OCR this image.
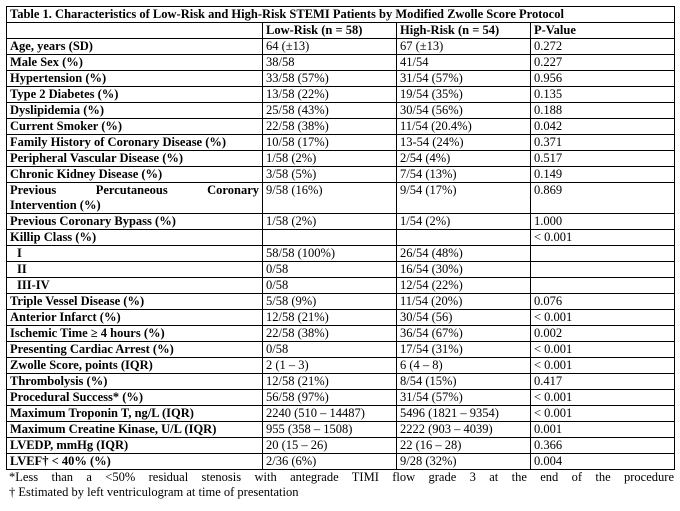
Table 1. Characteristics of Low-Risk and High-Risk STEMI Patients by Modified Zwolle Score Protocol			
	Low-Risk (n = 58)	High-Risk (n = 54)	P-Value
Age, years (SD)	64 (±13)	67 (±13)	0.272
Male Sex (%)	38/58	41/54	0.227
Hypertension (%)	33/58 (57%)	31/54 (57%)	0.956
Type 2 Diabetes (%)	13/58 (22%)	19/54 (35%)	0.135
Dyslipidemia (%)	25/58 (43%)	30/54 (56%)	0.188
Current Smoker (%)	22/58 (38%)	11/54 (20.4%)	0.042
Family History of Coronary Disease (%)	10/58 (17%)	13-54 (24%)	0.371
Peripheral Vascular Disease (%)	1/58 (2%)	2/54 (4%)	0.517
Chronic Kidney Disease (%)	3/58 (5%)	7/54 (13%)	0.149

Previous Percutaneous Coronary
Intervention (%)	9/58 (16%)	9/54 (17%)	0.869
Previous Coronary Bypass (%)	1/58 (2%)	1/54 (2%)	1.000
Killip Class (%)			< 0.001
I	58/58 (100%)	26/54 (48%)	
II	0/58	16/54 (30%)	
III-IV	0/58	12/54 (22%)	
Triple Vessel Disease (%)	5/58 (9%)	11/54 (20%)	0.076
Anterior Infarct (%)	12/58 (21%)	30/54 (56)	< 0.001
Ischemic Time ≥ 4 hours (%)	22/58 (38%)	36/54 (67%)	0.002
Presenting Cardiac Arrest (%)	0/58	17/54 (31%)	< 0.001
Zwolle Score, points (IQR)	2 (1 – 3)	6 (4 – 8)	< 0.001
Thrombolysis (%)	12/58 (21%)	8/54 (15%)	0.417
Procedural Success* (%)	56/58 (97%)	31/54 (57%)	< 0.001
Maximum Troponin T, ng/L (IQR)	2240 (510 – 14487)	5496 (1821 – 9354)	< 0.001
Maximum Creatine Kinase, U/L (IQR)	955 (358 – 1508)	2222 (903 – 4039)	0.001
LVEDP, mmHg (IQR)	20 (15 – 26)	22 (16 – 28)	0.366
LVEF† < 40% (%)	2/36 (6%)	9/28 (32%)	0.004
*Less than a <50% residual stenosis with antegrade TIMI flow grade 3 at the end of the procedure
† Estimated by left ventriculogram at time of presentation
